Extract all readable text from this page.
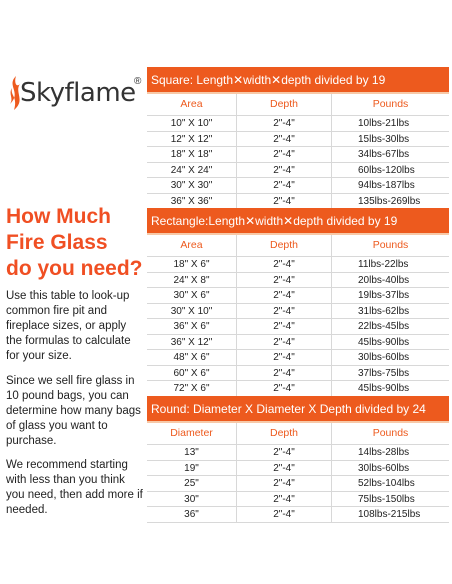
Skyflame
®
How Much
Fire Glass
do you need?

Use this table to look-up common fire pit and fireplace sizes, or apply the formulas to calculate for your size.

Since we sell fire glass in 10 pound bags, you can determine how many bags of glass you want to purchase.

We recommend starting with less than you think you need, then add more if needed.

Square: Length✕width✕depth divided by 19
Area	Depth	Pounds
10" X 10"	2"-4"	10lbs-21lbs
12" X 12"	2"-4"	15lbs-30lbs
18" X 18"	2"-4"	34lbs-67lbs
24" X 24"	2"-4"	60lbs-120lbs
30" X 30"	2"-4"	94lbs-187lbs
36" X 36"	2"-4"	135lbs-269lbs
Rectangle:Length✕width✕depth divided by 19
Area	Depth	Pounds
18" X 6"	2"-4"	11lbs-22lbs
24" X 8"	2"-4"	20lbs-40lbs
30" X 6"	2"-4"	19lbs-37lbs
30" X 10"	2"-4"	31lbs-62lbs
36" X 6"	2"-4"	22lbs-45lbs
36" X 12"	2"-4"	45lbs-90lbs
48" X 6"	2"-4"	30lbs-60lbs
60" X 6"	2"-4"	37lbs-75lbs
72" X 6"	2"-4"	45lbs-90lbs
Round: Diameter X Diameter X Depth divided by 24
Diameter	Depth	Pounds
13"	2"-4"	14lbs-28lbs
19"	2"-4"	30lbs-60lbs
25"	2"-4"	52lbs-104lbs
30"	2"-4"	75lbs-150lbs
36"	2"-4"	108lbs-215lbs
